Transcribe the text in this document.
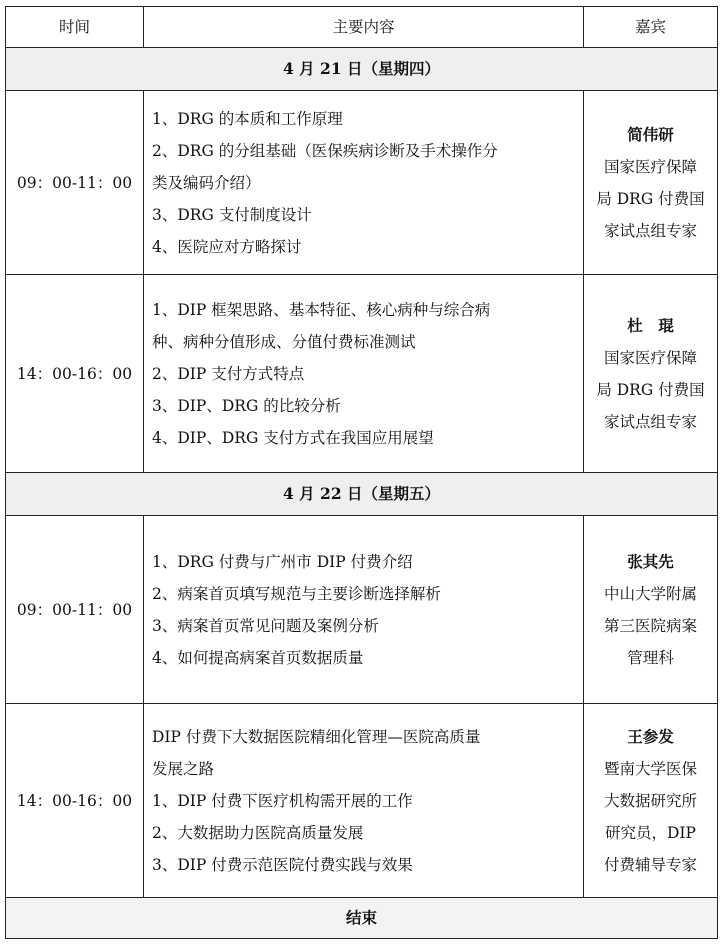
时间	主要内容	嘉宾
4 月 21 日（星期四）		
09：00-11：00	1、DRG 的本质和工作原理
2、DRG 的分组基础（医保疾病诊断及手术操作分
类及编码介绍）
3、DRG 支付制度设计
4、医院应对方略探讨	简伟研
国家医疗保障
局 DRG 付费国
家试点组专家

14：00-16：00	1、DIP 框架思路、基本特征、核心病种与综合病
种、病种分值形成、分值付费标准测试
2、DIP 支付方式特点
3、DIP、DRG 的比较分析
4、DIP、DRG 支付方式在我国应用展望	杜　琨
国家医疗保障
局 DRG 付费国
家试点组专家

4 月 22 日（星期五）		
09：00-11：00	1、DRG 付费与广州市 DIP 付费介绍
2、病案首页填写规范与主要诊断选择解析
3、病案首页常见问题及案例分析
4、如何提高病案首页数据质量	张其先
中山大学附属
第三医院病案
管理科

14：00-16：00	DIP 付费下大数据医院精细化管理—医院高质量
发展之路
1、DIP 付费下医疗机构需开展的工作
2、大数据助力医院高质量发展
3、DIP 付费示范医院付费实践与效果	王参发
暨南大学医保
大数据研究所
研究员，DIP
付费辅导专家

结束		
